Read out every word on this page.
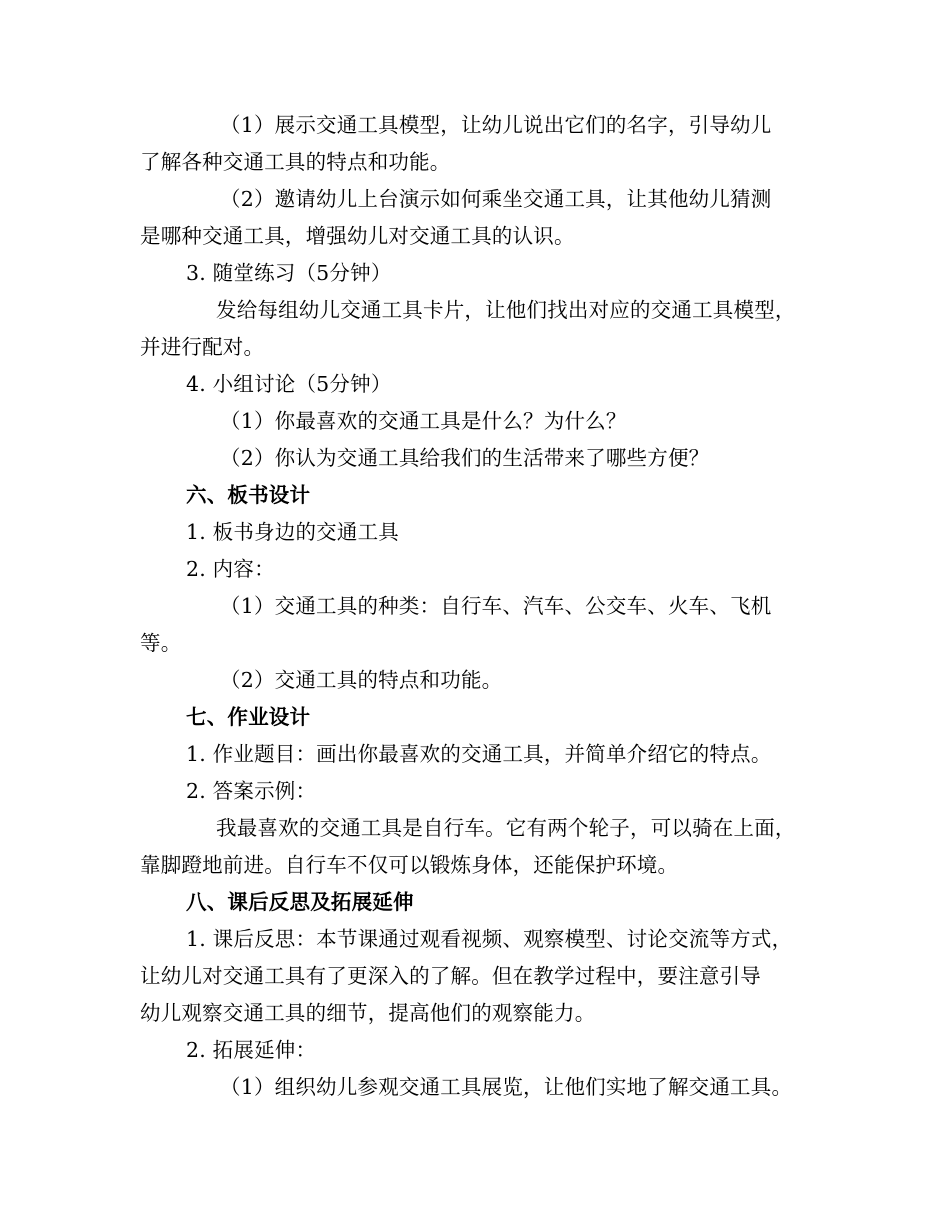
（1）展示交通工具模型，让幼儿说出它们的名字，引导幼儿
了解各种交通工具的特点和功能。
（2）邀请幼儿上台演示如何乘坐交通工具，让其他幼儿猜测
是哪种交通工具，增强幼儿对交通工具的认识。
3. 随堂练习（5分钟）
发给每组幼儿交通工具卡片，让他们找出对应的交通工具模型，
并进行配对。
4. 小组讨论（5分钟）
（1）你最喜欢的交通工具是什么？为什么？
（2）你认为交通工具给我们的生活带来了哪些方便？
六、板书设计
1. 板书身边的交通工具
2. 内容：
（1）交通工具的种类：自行车、汽车、公交车、火车、飞机
等。
（2）交通工具的特点和功能。
七、作业设计
1. 作业题目：画出你最喜欢的交通工具，并简单介绍它的特点。
2. 答案示例：
我最喜欢的交通工具是自行车。它有两个轮子，可以骑在上面，
靠脚蹬地前进。自行车不仅可以锻炼身体，还能保护环境。
八、课后反思及拓展延伸
1. 课后反思：本节课通过观看视频、观察模型、讨论交流等方式，
让幼儿对交通工具有了更深入的了解。但在教学过程中，要注意引导
幼儿观察交通工具的细节，提高他们的观察能力。
2. 拓展延伸：
（1）组织幼儿参观交通工具展览，让他们实地了解交通工具。
